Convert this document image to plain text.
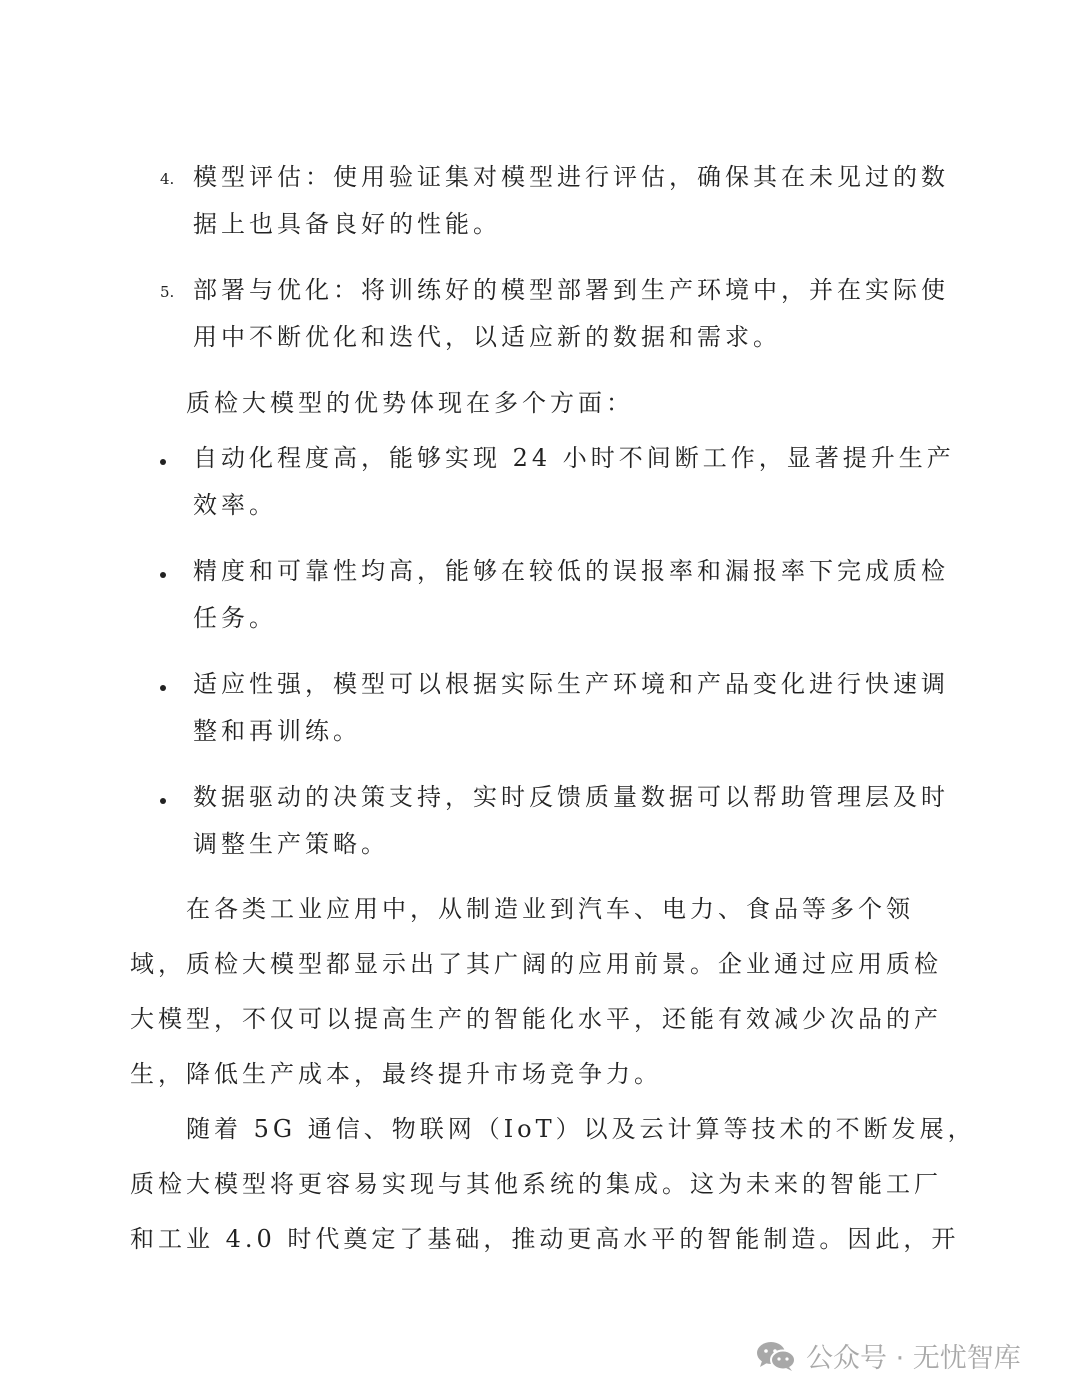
4. 模型评估：使用验证集对模型进行评估，确保其在未见过的数
据上也具备良好的性能。
5. 部署与优化：将训练好的模型部署到生产环境中，并在实际使
用中不断优化和迭代，以适应新的数据和需求。
质检大模型的优势体现在多个方面：
自动化程度高，能够实现 24 小时不间断工作，显著提升生产
效率。
精度和可靠性均高，能够在较低的误报率和漏报率下完成质检
任务。
适应性强，模型可以根据实际生产环境和产品变化进行快速调
整和再训练。
数据驱动的决策支持，实时反馈质量数据可以帮助管理层及时
调整生产策略。
在各类工业应用中，从制造业到汽车、电力、食品等多个领
域，质检大模型都显示出了其广阔的应用前景。企业通过应用质检
大模型，不仅可以提高生产的智能化水平，还能有效减少次品的产
生，降低生产成本，最终提升市场竞争力。
随着 5G 通信、物联网（IoT）以及云计算等技术的不断发展，
质检大模型将更容易实现与其他系统的集成。这为未来的智能工厂
和工业 4.0 时代奠定了基础，推动更高水平的智能制造。因此，开
公众号 · 无忧智库
